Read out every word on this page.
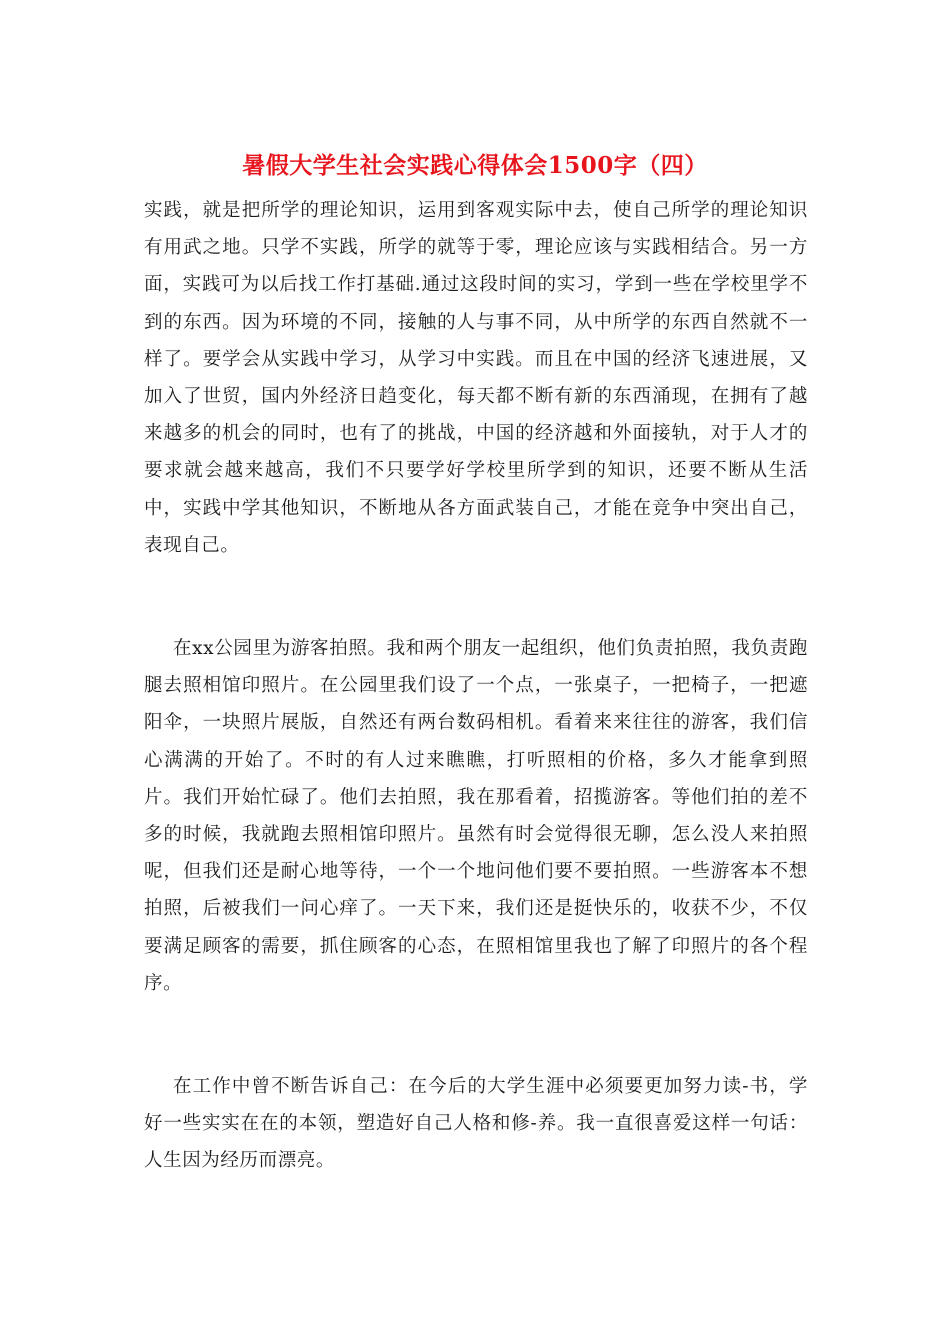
暑假大学生社会实践心得体会1500字（四）

实践，就是把所学的理论知识，运用到客观实际中去，使自己所学的理论知识有用武之地。只学不实践，所学的就等于零，理论应该与实践相结合。另一方面，实践可为以后找工作打基础.通过这段时间的实习，学到一些在学校里学不到的东西。因为环境的不同，接触的人与事不同，从中所学的东西自然就不一样了。要学会从实践中学习，从学习中实践。而且在中国的经济飞速进展，又加入了世贸，国内外经济日趋变化，每天都不断有新的东西涌现，在拥有了越来越多的机会的同时，也有了的挑战，中国的经济越和外面接轨，对于人才的要求就会越来越高，我们不只要学好学校里所学到的知识，还要不断从生活中，实践中学其他知识，不断地从各方面武装自己，才能在竞争中突出自己，表现自己。

在xx公园里为游客拍照。我和两个朋友一起组织，他们负责拍照，我负责跑腿去照相馆印照片。在公园里我们设了一个点，一张桌子，一把椅子，一把遮阳伞，一块照片展版，自然还有两台数码相机。看着来来往往的游客，我们信心满满的开始了。不时的有人过来瞧瞧，打听照相的价格，多久才能拿到照片。我们开始忙碌了。他们去拍照，我在那看着，招揽游客。等他们拍的差不多的时候，我就跑去照相馆印照片。虽然有时会觉得很无聊，怎么没人来拍照呢，但我们还是耐心地等待，一个一个地问他们要不要拍照。一些游客本不想拍照，后被我们一问心痒了。一天下来，我们还是挺快乐的，收获不少，不仅要满足顾客的需要，抓住顾客的心态，在照相馆里我也了解了印照片的各个程序。

在工作中曾不断告诉自己：在今后的大学生涯中必须要更加努力读-书，学好一些实实在在的本领，塑造好自己人格和修-养。我一直很喜爱这样一句话：人生因为经历而漂亮。
